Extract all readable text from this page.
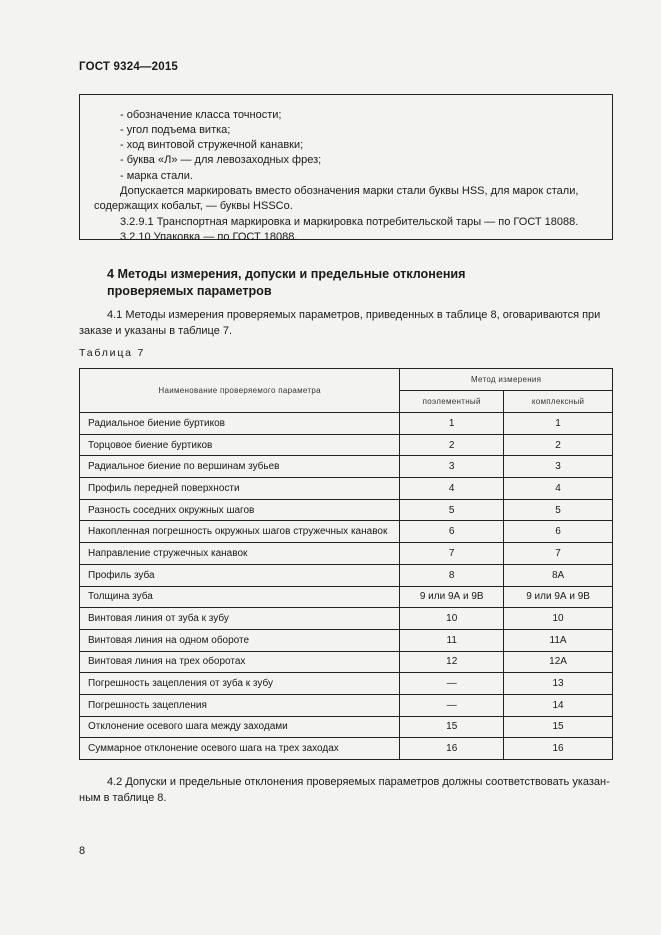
ГОСТ 9324—2015
- обозначение класса точности;
- угол подъема витка;
- ход винтовой стружечной канавки;
- буква «Л» — для левозаходных фрез;
- марка стали.
Допускается маркировать вместо обозначения марки стали буквы HSS, для марок стали,
содержащих кобальт, — буквы HSSCo.
3.2.9.1 Транспортная маркировка и маркировка потребительской тары — по ГОСТ 18088.
3.2.10 Упаковка — по ГОСТ 18088.
4 Методы измерения, допуски и предельные отклонения
проверяемых параметров
4.1 Методы измерения проверяемых параметров, приведенных в таблице 8, оговариваются при
заказе и указаны в таблице 7.
Таблица 7
Наименование проверяемого параметра	Метод измерения	
	поэлементный	комплексный
Радиальное биение буртиков	1	1
Торцовое биение буртиков	2	2
Радиальное биение по вершинам зубьев	3	3
Профиль передней поверхности	4	4
Разность соседних окружных шагов	5	5
Накопленная погрешность окружных шагов стружечных канавок	6	6
Направление стружечных канавок	7	7
Профиль зуба	8	8А
Толщина зуба	9 или 9А и 9В	9 или 9А и 9В
Винтовая линия от зуба к зубу	10	10
Винтовая линия на одном обороте	11	11А
Винтовая линия на трех оборотах	12	12А
Погрешность зацепления от зуба к зубу	—	13
Погрешность зацепления	—	14
Отклонение осевого шага между заходами	15	15
Суммарное отклонение осевого шага на трех заходах	16	16
4.2 Допуски и предельные отклонения проверяемых параметров должны соответствовать указан-
ным в таблице 8.
8
